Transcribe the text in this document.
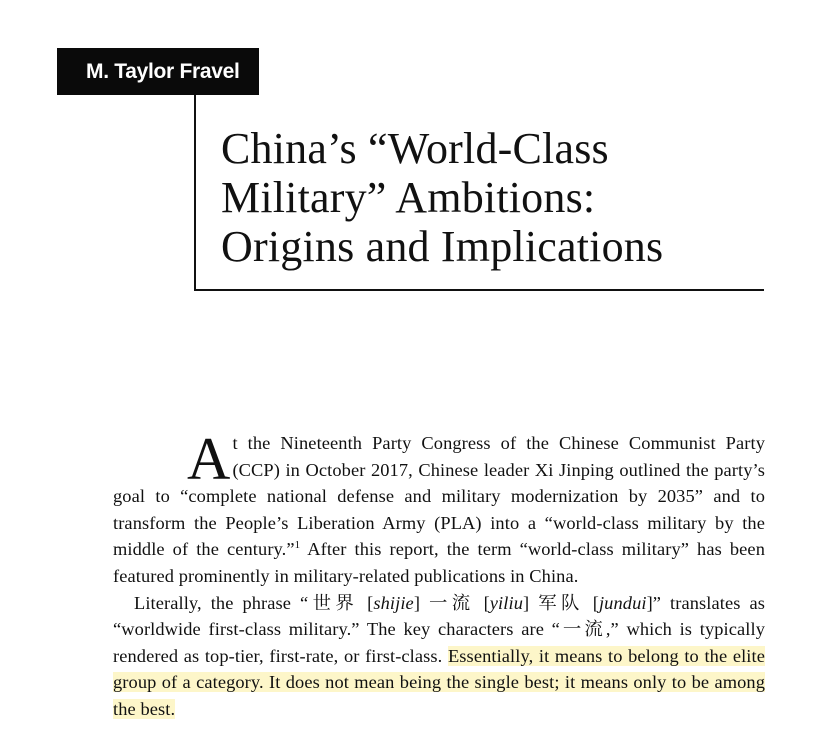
M. Taylor Fravel
China’s “World-Class
Military” Ambitions:
Origins and Implications

At the Nineteenth Party Congress of the Chinese Communist Party (CCP) in October 2017, Chinese leader Xi Jinping outlined the party’s goal to “complete national defense and military modernization by 2035” and to transform the People’s Liberation Army (PLA) into a “world-class military by the middle of the century.”$^1$ After this report, the term “world-class military” has been featured prominently in military-related publications in China.

Literally, the phrase “世界 [shijie] 一流 [yiliu] 军队 [jundui]” translates as “worldwide first-class military.” The key characters are “一流,” which is typically rendered as top-tier, first-rate, or first-class. Essentially, it means to belong to the elite group of a category. It does not mean being the single best; it means only to be among the best.
